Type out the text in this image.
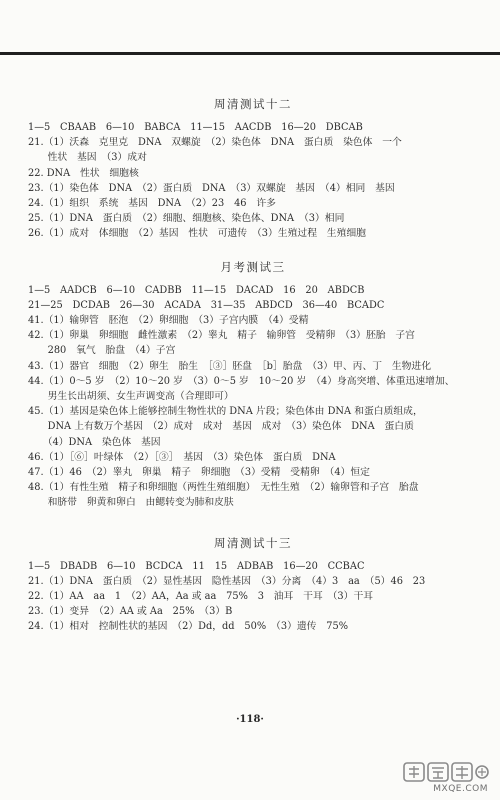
周清测试十二
1—5　CBAAB　6—10　BABCA　11—15　AACDB　16—20　DBCAB
21.（1）沃森　克里克　DNA　双螺旋　（2）染色体　DNA　蛋白质　染色体　一个
　　性状　基因　（3）成对
22. DNA　性状　细胞核
23.（1）染色体　DNA　（2）蛋白质　DNA　（3）双螺旋　基因　（4）相同　基因
24.（1）组织　系统　基因　DNA　（2）23　46　许多
25.（1）DNA　蛋白质　（2）细胞、细胞核、染色体、DNA　（3）相同
26.（1）成对　体细胞　（2）基因　性状　可遗传　（3）生殖过程　生殖细胞
月考测试三
1—5　AADCB　6—10　CADBB　11—15　DACAD　16　20　ABDCB
21—25　DCDAB　26—30　ACADA　31—35　ABDCD　36—40　BCADC
41.（1）输卵管　胚泡　（2）卵细胞　（3）子宫内膜　（4）受精
42.（1）卵巢　卵细胞　雌性激素　（2）睾丸　精子　输卵管　受精卵　（3）胚胎　子宫
　　280　氧气　胎盘　（4）子宫
43.（1）器官　细胞　（2）卵生　胎生　［③］胚盘　［b］胎盘　（3）甲、丙、丁　生物进化
44.（1）0～5 岁　（2）10～20 岁　（3）0～5 岁　10～20 岁　（4）身高突增、体重迅速增加、
　　男生长出胡须、女生声调变高（合理即可）
45.（1）基因是染色体上能够控制生物性状的 DNA 片段；染色体由 DNA 和蛋白质组成，
　　DNA 上有数万个基因　（2）成对　成对　基因　成对　（3）染色体　DNA　蛋白质
　　（4）DNA　染色体　基因
46.（1）［⑥］叶绿体　（2）［③］　基因　（3）染色体　蛋白质　DNA
47.（1）46　（2）睾丸　卵巢　精子　卵细胞　（3）受精　受精卵　（4）恒定
48.（1）有性生殖　精子和卵细胞（两性生殖细胞）　无性生殖　（2）输卵管和子宫　胎盘
　　和脐带　卵黄和卵白　由鳃转变为肺和皮肤
周清测试十三
1—5　DBADB　6—10　BCDCA　11　15　ADBAB　16—20　CCBAC
21.（1）DNA　蛋白质　（2）显性基因　隐性基因　（3）分离　（4）3　aa　（5）46　23
22.（1）AA　aa　1　（2）AA，Aa 或 aa　75%　3　油耳　干耳　（3）干耳
23.（1）变异　（2）AA 或 Aa　25%　（3）B
24.（1）相对　控制性状的基因　（2）Dd，dd　50%　（3）遗传　75%
·118·
MXQE.COM
